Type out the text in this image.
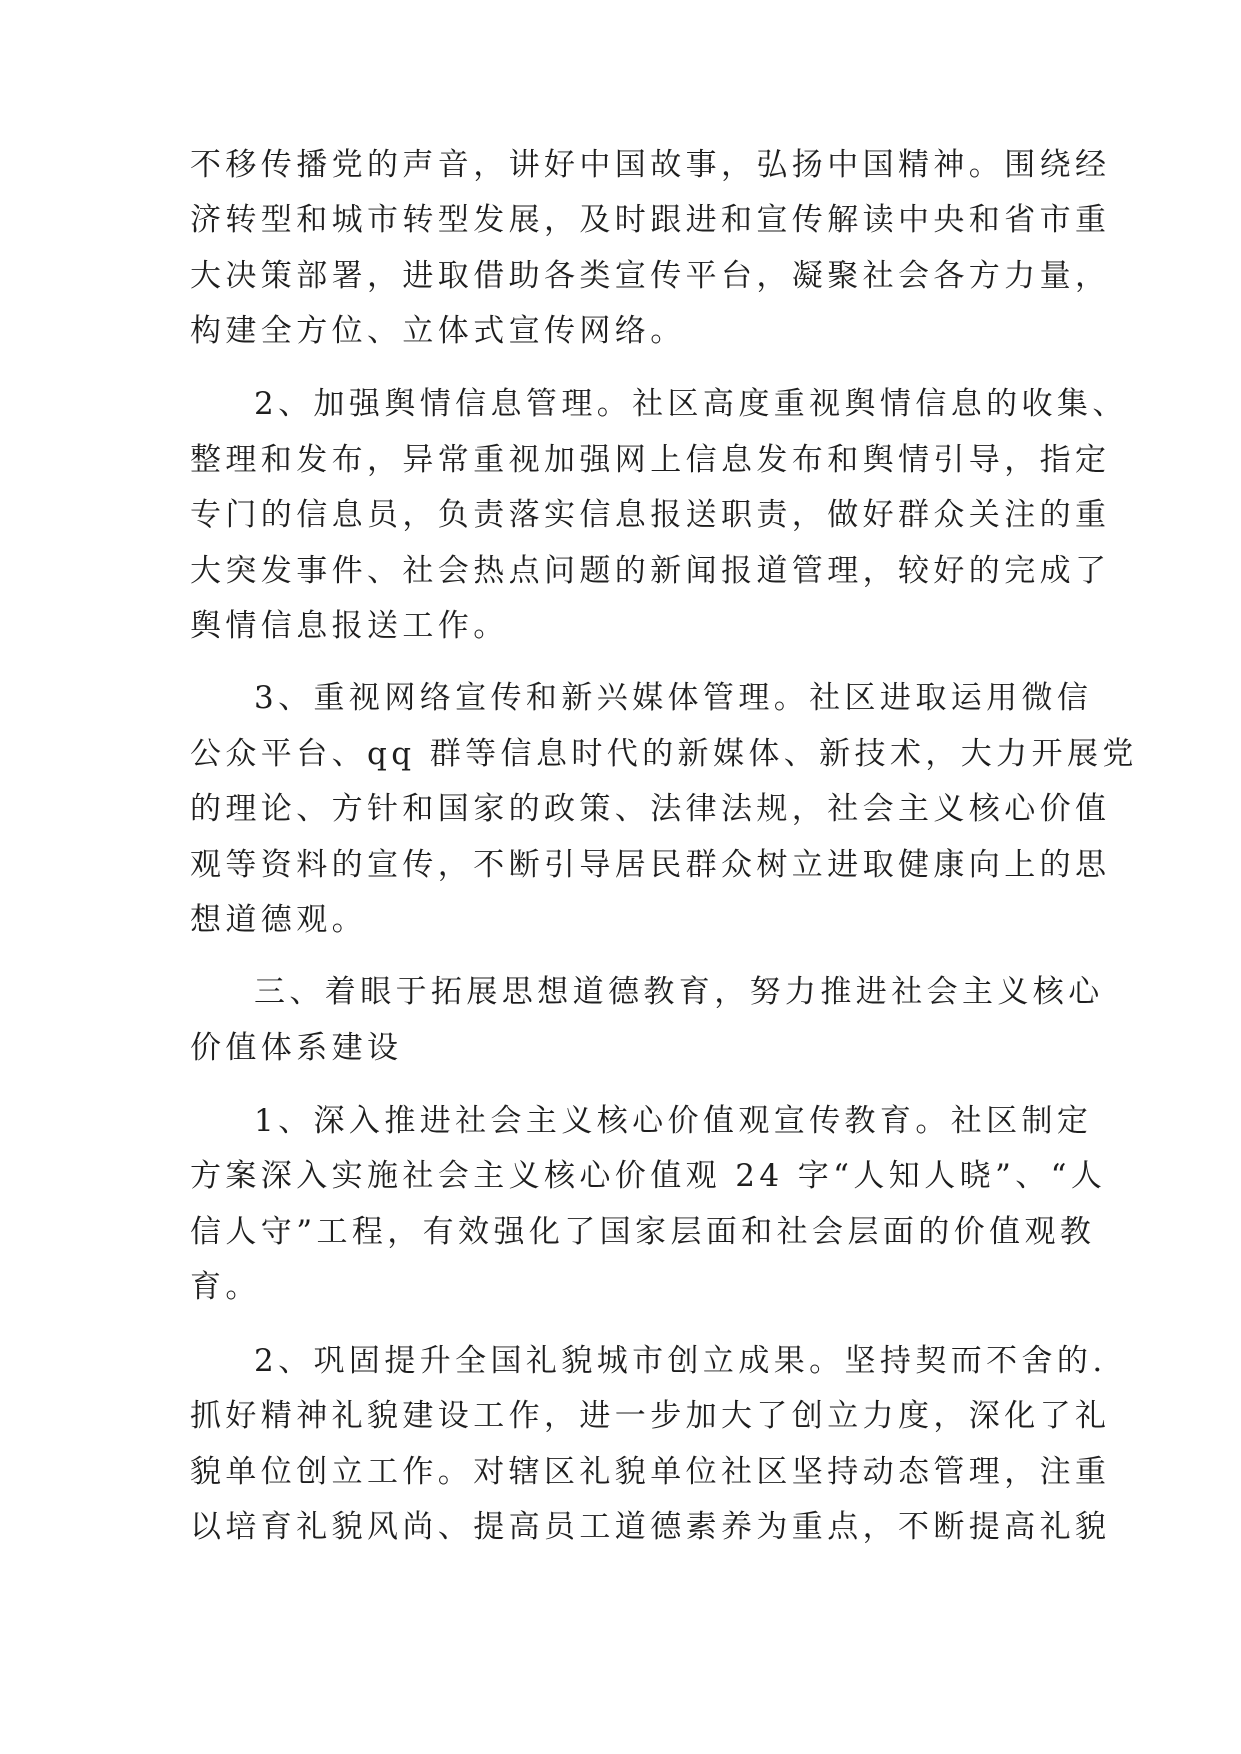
不移传播党的声音，讲好中国故事，弘扬中国精神。围绕经

济转型和城市转型发展，及时跟进和宣传解读中央和省市重

大决策部署，进取借助各类宣传平台，凝聚社会各方力量，

构建全方位、立体式宣传网络。

2、加强舆情信息管理。社区高度重视舆情信息的收集、

整理和发布，异常重视加强网上信息发布和舆情引导，指定

专门的信息员，负责落实信息报送职责，做好群众关注的重

大突发事件、社会热点问题的新闻报道管理，较好的完成了

舆情信息报送工作。

3、重视网络宣传和新兴媒体管理。社区进取运用微信

公众平台、qq 群等信息时代的新媒体、新技术，大力开展党

的理论、方针和国家的政策、法律法规，社会主义核心价值

观等资料的宣传，不断引导居民群众树立进取健康向上的思

想道德观。

三、着眼于拓展思想道德教育，努力推进社会主义核心

价值体系建设

1、深入推进社会主义核心价值观宣传教育。社区制定

方案深入实施社会主义核心价值观 24 字“人知人晓”、“人

信人守”工程，有效强化了国家层面和社会层面的价值观教

育。

2、巩固提升全国礼貌城市创立成果。坚持契而不舍的.

抓好精神礼貌建设工作，进一步加大了创立力度，深化了礼

貌单位创立工作。对辖区礼貌单位社区坚持动态管理，注重

以培育礼貌风尚、提高员工道德素养为重点，不断提高礼貌
